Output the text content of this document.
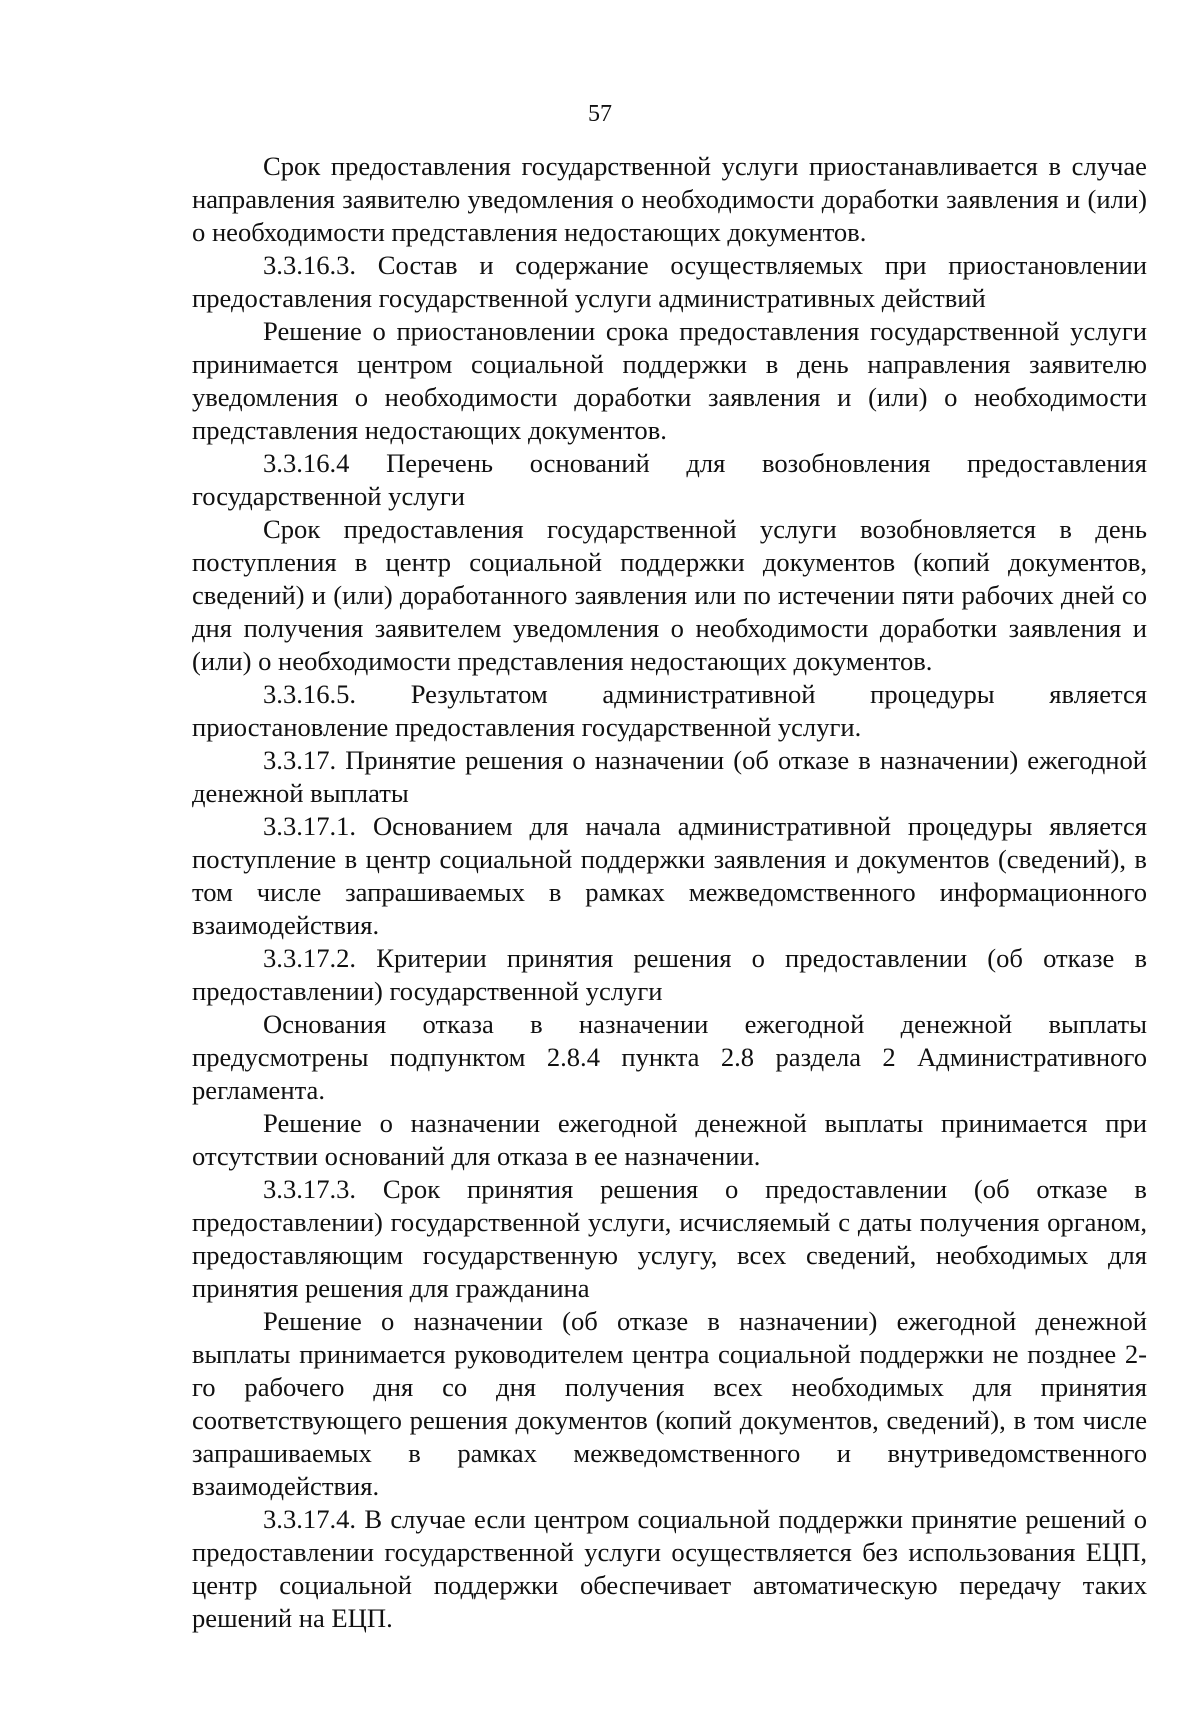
57

Срок предоставления государственной услуги приостанавливается в случае направления заявителю уведомления о необходимости доработки заявления и (или) о необходимости представления недостающих документов.

3.3.16.3. Состав и содержание осуществляемых при приостановлении предоставления государственной услуги административных действий

Решение о приостановлении срока предоставления государственной услуги принимается центром социальной поддержки в день направления заявителю уведомления о необходимости доработки заявления и (или) о необходимости представления недостающих документов.

3.3.16.4 Перечень оснований для возобновления предоставления государственной услуги

Срок предоставления государственной услуги возобновляется в день поступления в центр социальной поддержки документов (копий документов, сведений) и (или) доработанного заявления или по истечении пяти рабочих дней со дня получения заявителем уведомления о необходимости доработки заявления и (или) о необходимости представления недостающих документов.

3.3.16.5. Результатом административной процедуры является приостановление предоставления государственной услуги.

3.3.17. Принятие решения о назначении (об отказе в назначении) ежегодной денежной выплаты

3.3.17.1. Основанием для начала административной процедуры является поступление в центр социальной поддержки заявления и документов (сведений), в том числе запрашиваемых в рамках межведомственного информационного взаимодействия.

3.3.17.2. Критерии принятия решения о предоставлении (об отказе в предоставлении) государственной услуги

Основания отказа в назначении ежегодной денежной выплаты предусмотрены подпунктом 2.8.4 пункта 2.8 раздела 2 Административного регламента.

Решение о назначении ежегодной денежной выплаты принимается при отсутствии оснований для отказа в ее назначении.

3.3.17.3. Срок принятия решения о предоставлении (об отказе в предоставлении) государственной услуги, исчисляемый с даты получения органом, предоставляющим государственную услугу, всех сведений, необходимых для принятия решения для гражданина

Решение о назначении (об отказе в назначении) ежегодной денежной выплаты принимается руководителем центра социальной поддержки не позднее 2-го рабочего дня со дня получения всех необходимых для принятия соответствующего решения документов (копий документов, сведений), в том числе запрашиваемых в рамках межведомственного и внутриведомственного взаимодействия.

3.3.17.4. В случае если центром социальной поддержки принятие решений о предоставлении государственной услуги осуществляется без использования ЕЦП, центр социальной поддержки обеспечивает автоматическую передачу таких решений на ЕЦП.
